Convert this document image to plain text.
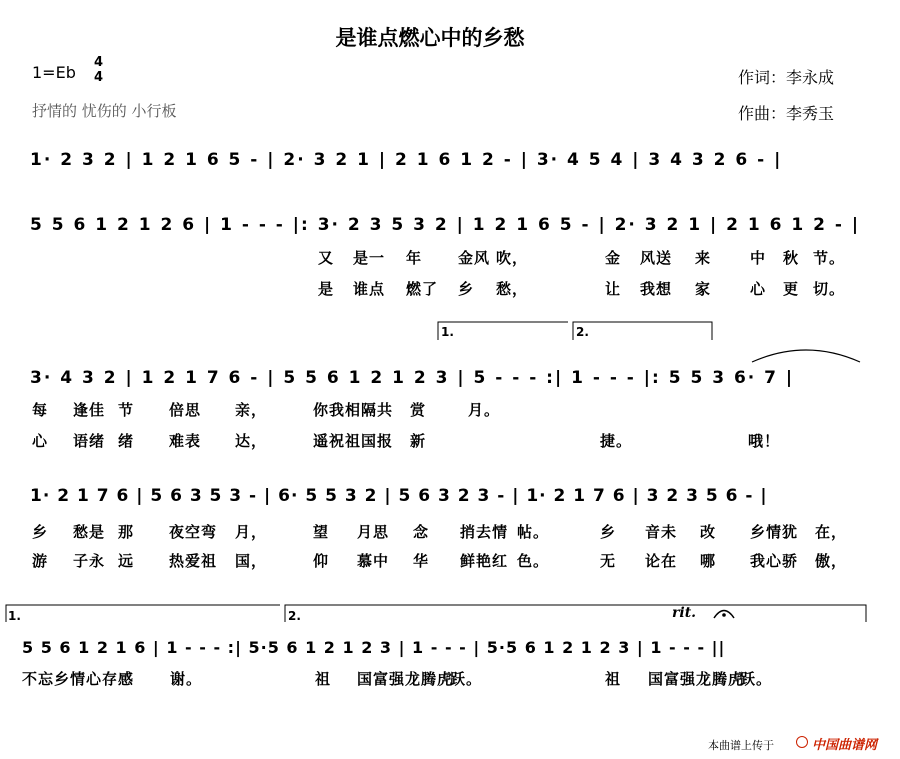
是谁点燃心中的乡愁
1=Eb
4
4
抒情的 忧伤的 小行板
作词：李永成
作曲：李秀玉
1· 2 3 2 | 1 2 1 6 5 - | 2· 3 2 1 | 2 1 6 1 2 - | 3· 4 5 4 | 3 4 3 2 6 - |
5 5 6 1 2 1 2 6 | 1 - - - |: 3· 2 3 5 3 2 | 1 2 1 6 5 - | 2· 3 2 1 | 2 1 6 1 2 - |
3· 4 3 2 | 1 2 1 7 6 - | 5 5 6 1 2 1 2 3 | 5 - - - :| 1 - - - |: 5 5 3 6· 7 |
1· 2 1 7 6 | 5 6 3 5 3 - | 6· 5 5 3 2 | 5 6 3 2 3 - | 1· 2 1 7 6 | 3 2 3 5 6 - |
5 5 6 1 2 1 6 | 1 - - - :| 5·5 6 1 2 1 2 3 | 1 - - - | 5·5 6 1 2 1 2 3 | 1 - - - ||
又 是一 年 金风 吹，	金 风送 来	中 秋 节。
是 谁点 燃了 乡 愁，	让 我想 家	心 更 切。
每 逢佳 节 倍思 亲，	你我相隔共 赏	月。
心 语绪 绪 难表 达，	遥祝祖国报 新	捷。	哦！
乡 愁是 那 夜空弯 月，	望 月思 念 捎去情 帖。	乡 音未 改 乡情犹 在，
游 子永 远 热爱祖 国，	仰 慕中 华 鲜艳红 色。	无 论在 哪 我心骄 傲，
不忘乡情心存感 谢。	祖 国富强龙腾虎
跃。	祖 国富强龙腾虎
跃。
1.	2.
1.	2.	rit.
本曲谱上传于	中国曲谱网
